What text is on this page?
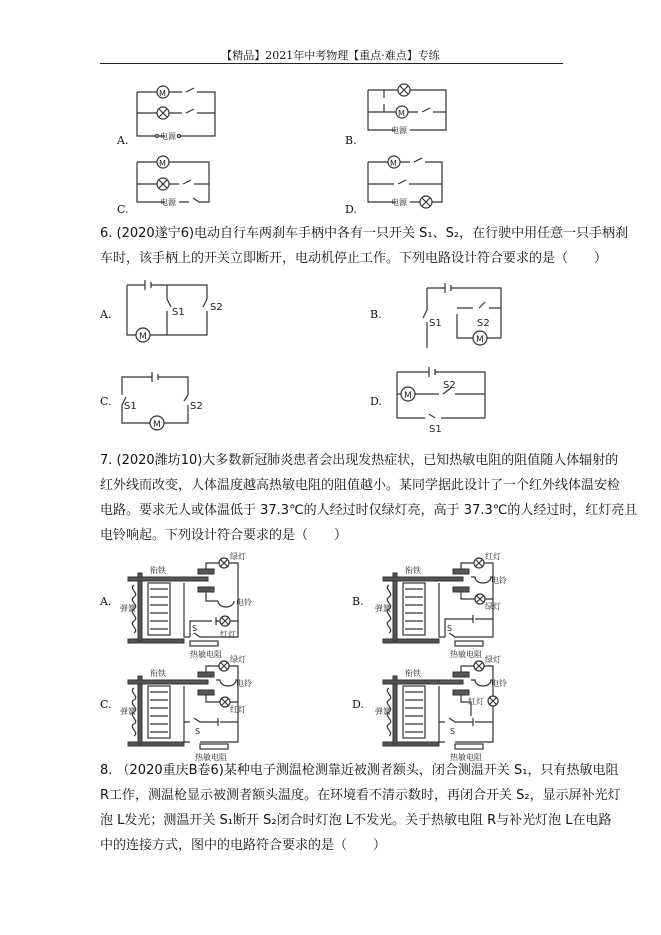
【精品】2021年中考物理【重点·难点】专练
A.	B.
C.	D.
M
电源
M
电源
M
电源
M
电源
6. (2020遂宁6)电动自行车两刹车手柄中各有一只开关 S₁、S₂，在行驶中用任意一只手柄刹
车时，该手柄上的开关立即断开，电动机停止工作。下列电路设计符合要求的是（　　）
A.	B.
C.	D.
M
S1	S2
M
S1	S2
M
S1	S2
M
S2
S1
7. (2020潍坊10)大多数新冠肺炎患者会出现发热症状，已知热敏电阻的阻值随人体辐射的
红外线而改变，人体温度越高热敏电阻的阻值越小。某同学据此设计了一个红外线体温安检
电路。要求无人或体温低于 37.3℃的人经过时仅绿灯亮，高于 37.3℃的人经过时，红灯亮且
电铃响起。下列设计符合要求的是（　　）
A.	B.
C.	D.
衔铁
弹簧
绿灯
电铃
红灯
S
热敏电阻
衔铁
弹簧
红灯
电铃
绿灯
S
热敏电阻
衔铁
弹簧
绿灯
电铃
红灯
S
热敏电阻
衔铁
弹簧
绿灯
电铃
红灯
S
热敏电阻
8. （2020重庆B卷6)某种电子测温枪测靠近被测者额头，闭合测温开关 S₁，只有热敏电阻
R工作，测温枪显示被测者额头温度。在环境看不清示数时，再闭合开关 S₂，显示屏补光灯
泡 L发光；测温开关 S₁断开 S₂闭合时灯泡 L不发光。关于热敏电阻 R与补光灯泡 L在电路
中的连接方式，图中的电路符合要求的是（　　）
